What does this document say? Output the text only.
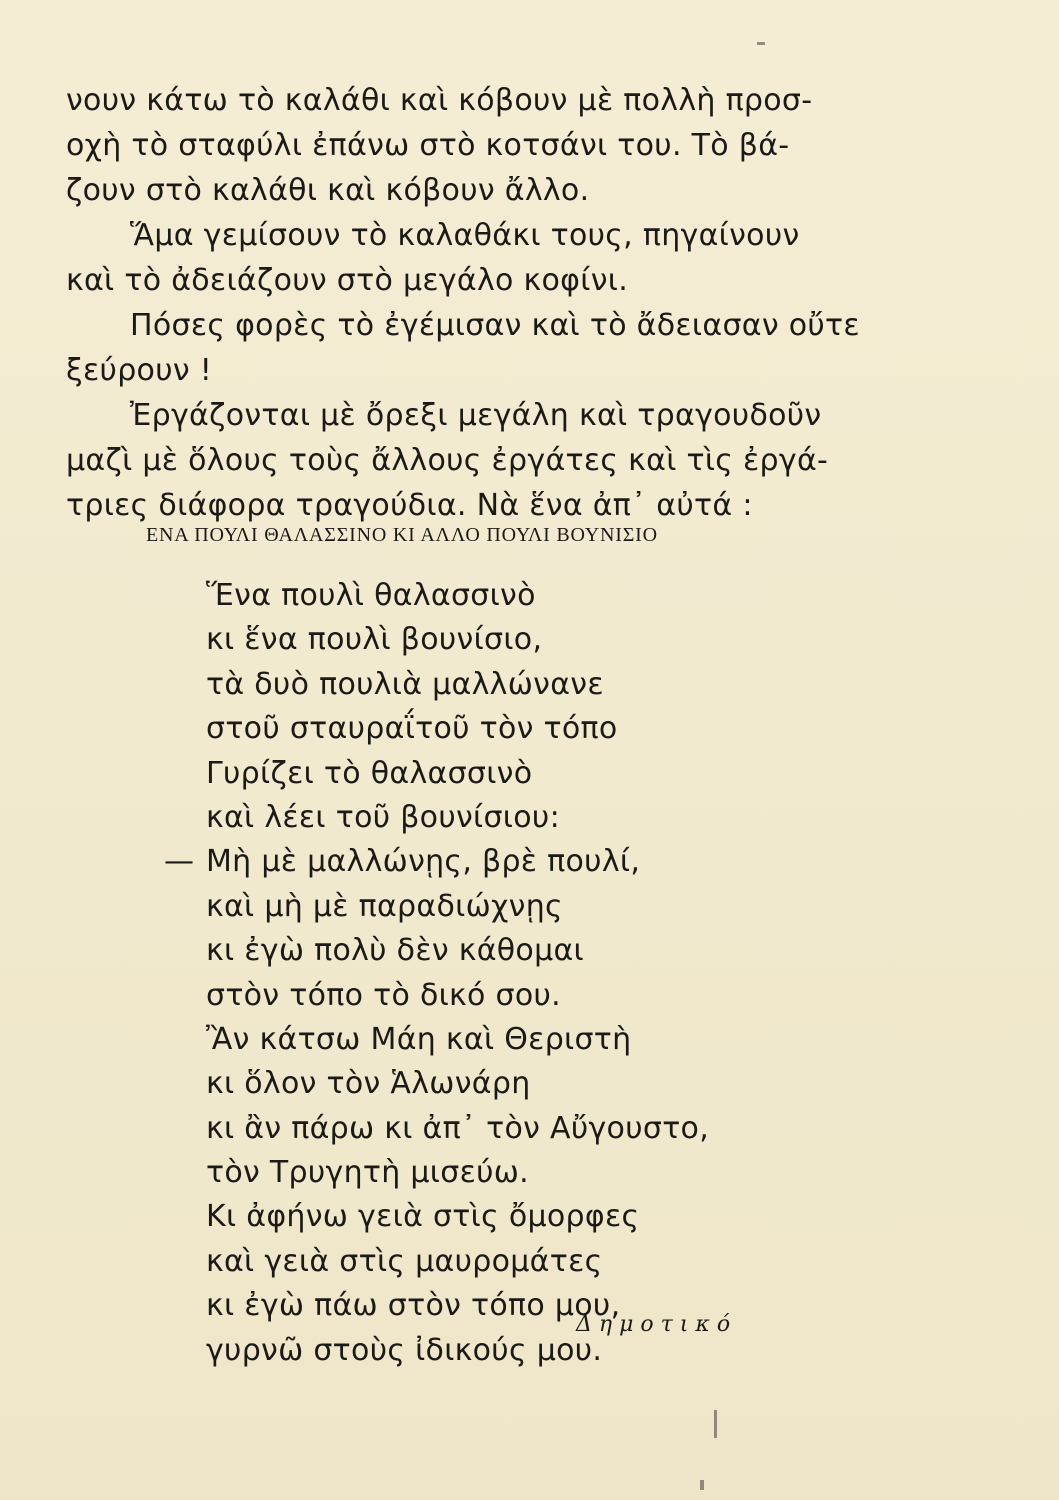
νουν κάτω τὸ καλάθι καὶ κόβουν μὲ πολλὴ προσ-
οχὴ τὸ σταφύλι ἐπάνω στὸ κοτσάνι του. Τὸ βά-
ζουν στὸ καλάθι καὶ κόβουν ἄλλο.
Ἅμα γεμίσουν τὸ καλαθάκι τους, πηγαίνουν
καὶ τὸ ἀδειάζουν στὸ μεγάλο κοφίνι.
Πόσες φορὲς τὸ ἐγέμισαν καὶ τὸ ἄδειασαν οὔτε
ξεύρουν !
Ἐργάζονται μὲ ὄρεξι μεγάλη καὶ τραγουδοῦν
μαζὶ μὲ ὅλους τοὺς ἄλλους ἐργάτες καὶ τὶς ἐργά-
τριες διάφορα τραγούδια. Νὰ ἕνα ἀπ᾿ αὐτά :
ΕΝΑ ΠΟΥΛΙ ΘΑΛΑΣΣΙΝΟ ΚΙ ΑΛΛΟ ΠΟΥΛΙ ΒΟΥΝΙΣΙΟ
Ἕνα πουλὶ θαλασσινὸ
κι ἕνα πουλὶ βουνίσιο,
τὰ δυὸ πουλιὰ μαλλώνανε
στοῦ σταυραΐτοῦ τὸν τόπο
Γυρίζει τὸ θαλασσινὸ
καὶ λέει τοῦ βουνίσιου:
— Μὴ μὲ μαλλώνῃς, βρὲ πουλί,
καὶ μὴ μὲ παραδιώχνῃς
κι ἐγὼ πολὺ δὲν κάθομαι
στὸν τόπο τὸ δικό σου.
Ἂν κάτσω Μάη καὶ Θεριστὴ
κι ὅλον τὸν Ἁλωνάρη
κι ἂν πάρω κι ἀπ᾿ τὸν Αὔγουστο,
τὸν Τρυγητὴ μισεύω.
Κι ἀφήνω γειὰ στὶς ὄμορφες
καὶ γειὰ στὶς μαυρομάτες
κι ἐγὼ πάω στὸν τόπο μου,
γυρνῶ στοὺς ἰδικούς μου.
Δημοτικό
